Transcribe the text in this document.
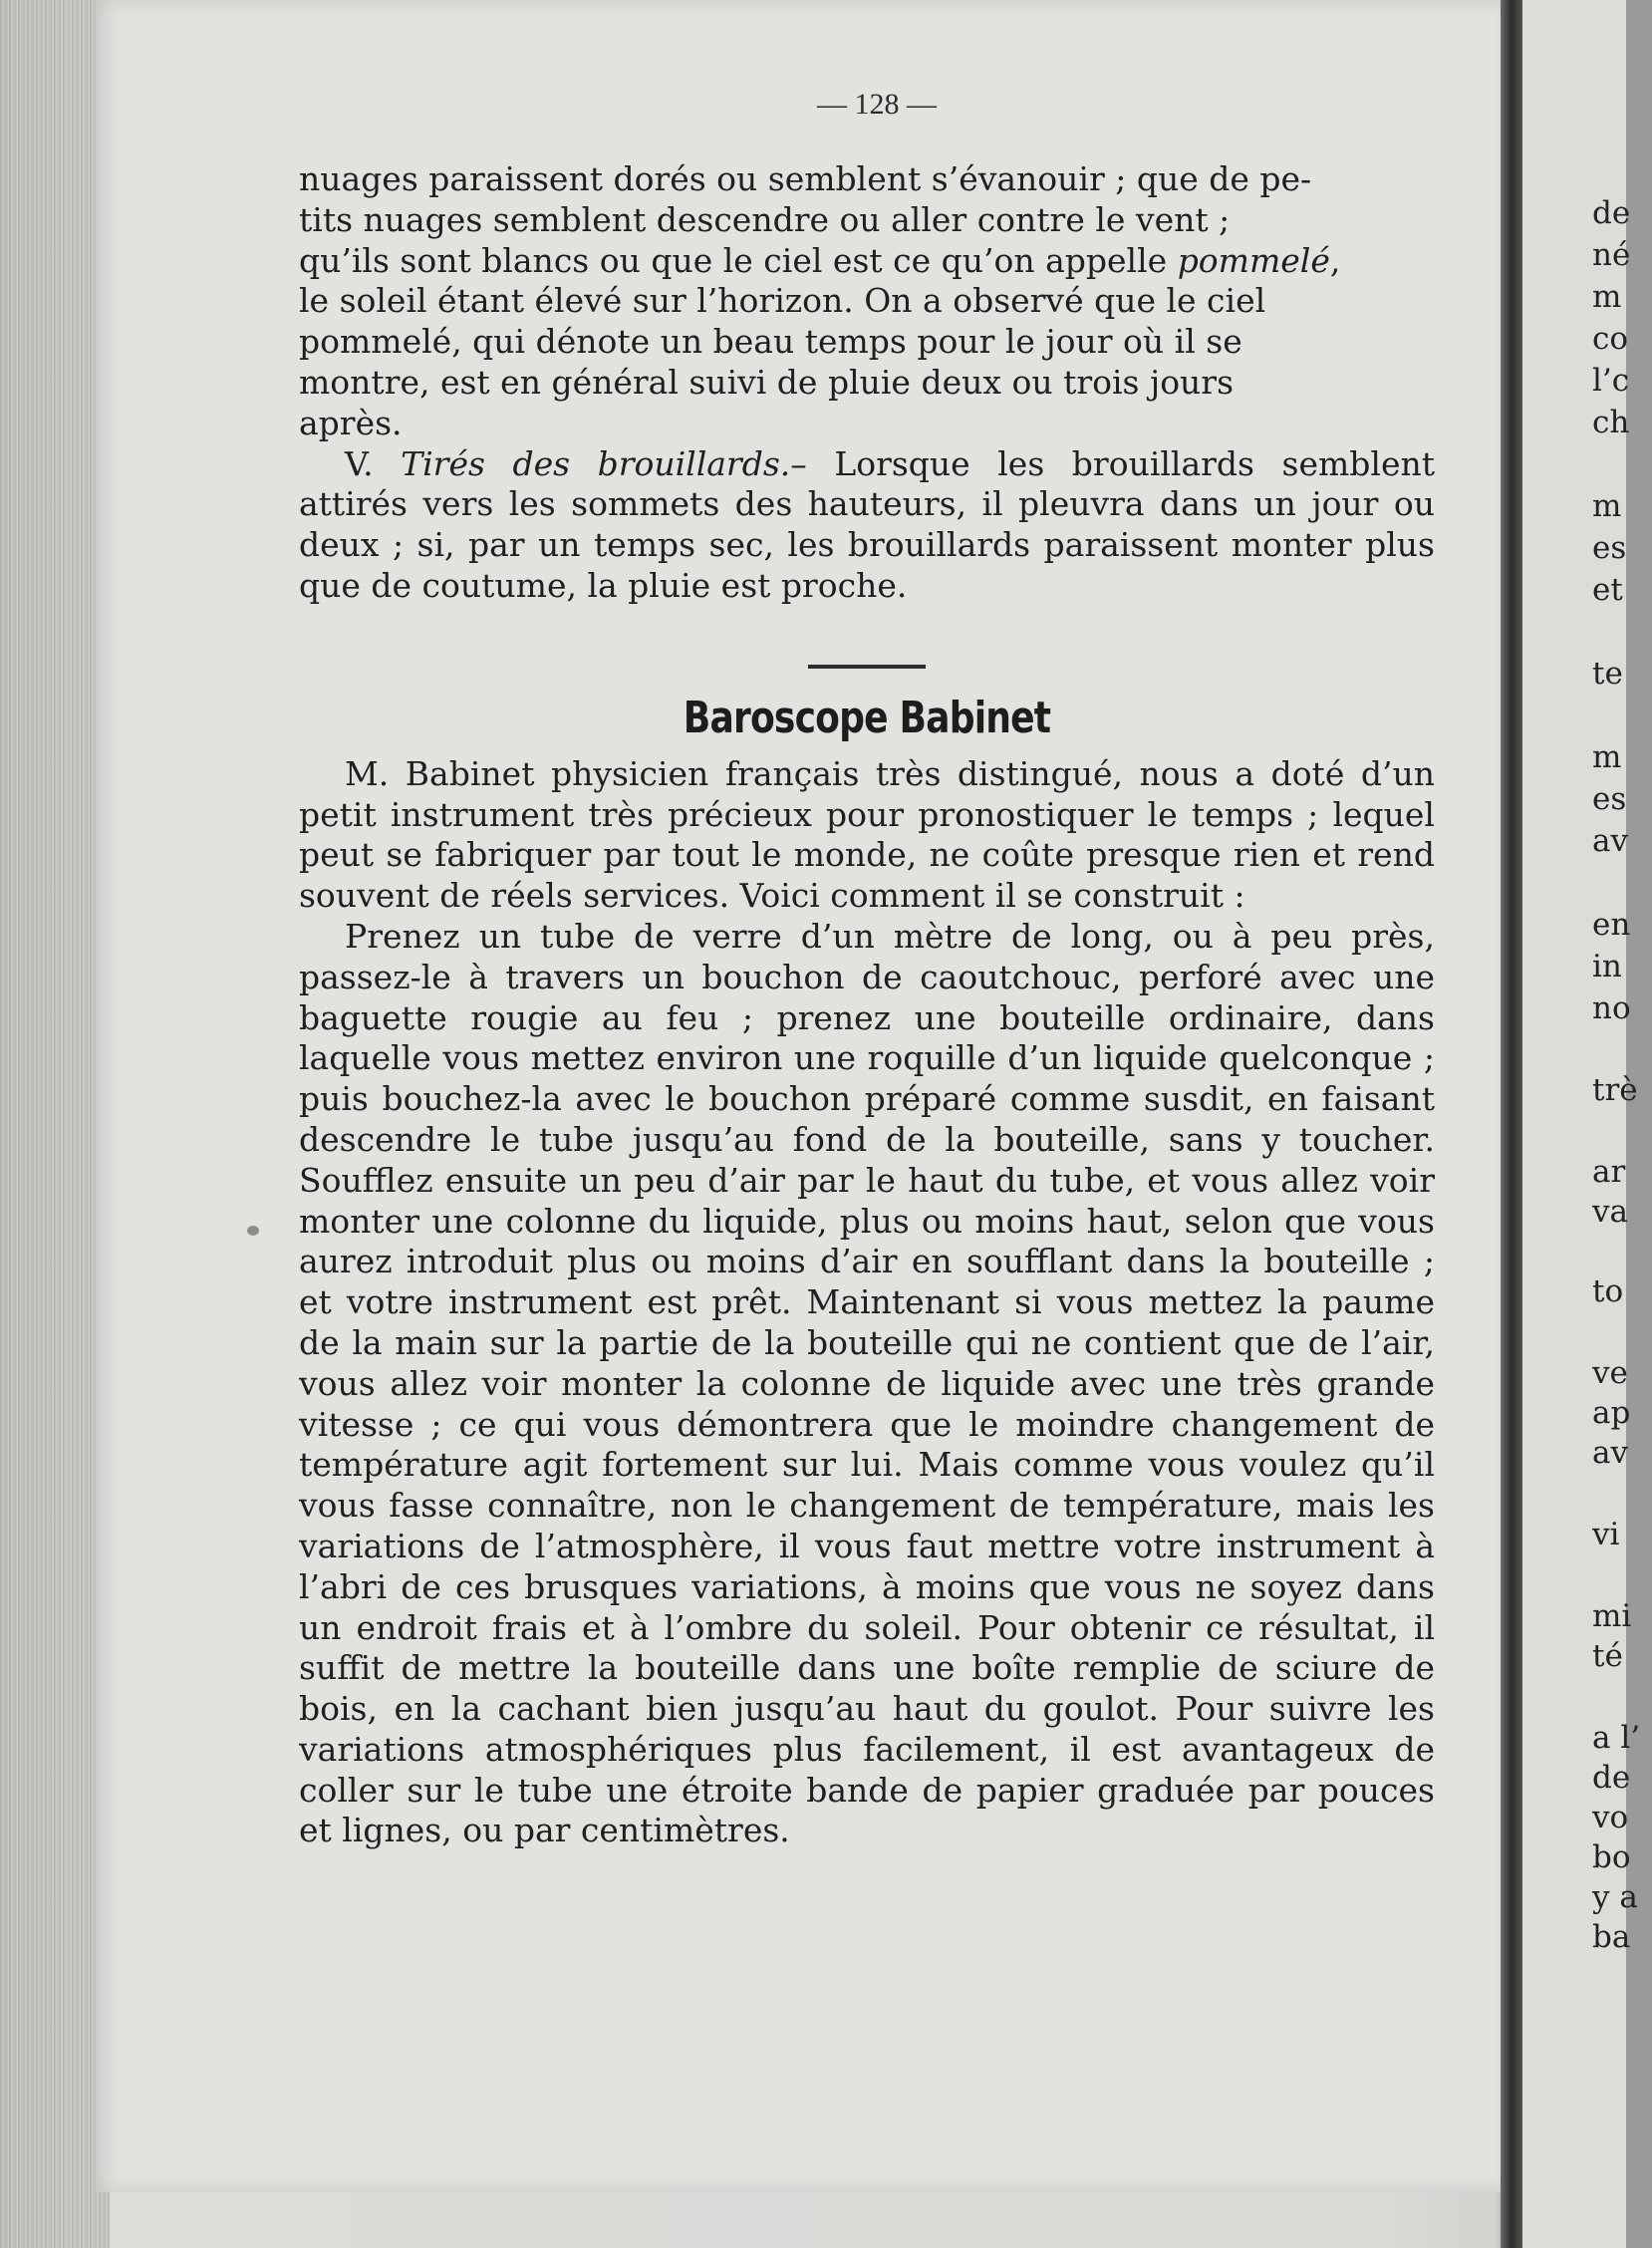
— 128 —

nuages paraissent dorés ou semblent s’évanouir ; que de pe-

tits nuages semblent descendre ou aller contre le vent ;

qu’ils sont blancs ou que le ciel est ce qu’on appelle pommelé,

le soleil étant élevé sur l’horizon. On a observé que le ciel

pommelé, qui dénote un beau temps pour le jour où il se

montre, est en général suivi de pluie deux ou trois jours

après.

V. Tirés des brouillards.– Lorsque les brouillards semblent attirés vers les sommets des hauteurs, il pleuvra dans un jour ou deux ; si, par un temps sec, les brouillards paraissent monter plus que de coutume, la pluie est proche.

Baroscope Babinet

M. Babinet physicien français très distingué, nous a doté d’un petit instrument très précieux pour pronostiquer le temps ; lequel peut se fabriquer par tout le monde, ne coûte presque rien et rend souvent de réels services. Voici comment il se construit :

Prenez un tube de verre d’un mètre de long, ou à peu près, passez-le à travers un bouchon de caoutchouc, perforé avec une baguette rougie au feu ; prenez une bouteille ordinaire, dans laquelle vous mettez environ une roquille d’un liquide quelconque ; puis bouchez-la avec le bouchon préparé comme susdit, en faisant descendre le tube jusqu’au fond de la bouteille, sans y toucher. Soufflez ensuite un peu d’air par le haut du tube, et vous allez voir monter une colonne du liquide, plus ou moins haut, selon que vous aurez introduit plus ou moins d’air en soufflant dans la bouteille ; et votre instrument est prêt. Maintenant si vous mettez la paume de la main sur la partie de la bouteille qui ne contient que de l’air, vous allez voir monter la colonne de liquide avec une très grande vitesse ; ce qui vous démontrera que le moindre changement de température agit fortement sur lui. Mais comme vous voulez qu’il vous fasse connaître, non le changement de température, mais les variations de l’atmosphère, il vous faut mettre votre instrument à l’abri de ces brusques variations, à moins que vous ne soyez dans un endroit frais et à l’ombre du soleil. Pour obtenir ce résultat, il suffit de mettre la bouteille dans une boîte remplie de sciure de bois, en la cachant bien jusqu’au haut du goulot. Pour suivre les variations atmosphériques plus facilement, il est avantageux de coller sur le tube une étroite bande de papier graduée par pouces et lignes, ou par centimètres.

de
né
m
co
l’c
ch
m
es
et
te
m
es
av
en
in
no
trè
ar
va
to
ve
ap
av
vi
mi
té
a l’
de
vo
bo
y a
ba
